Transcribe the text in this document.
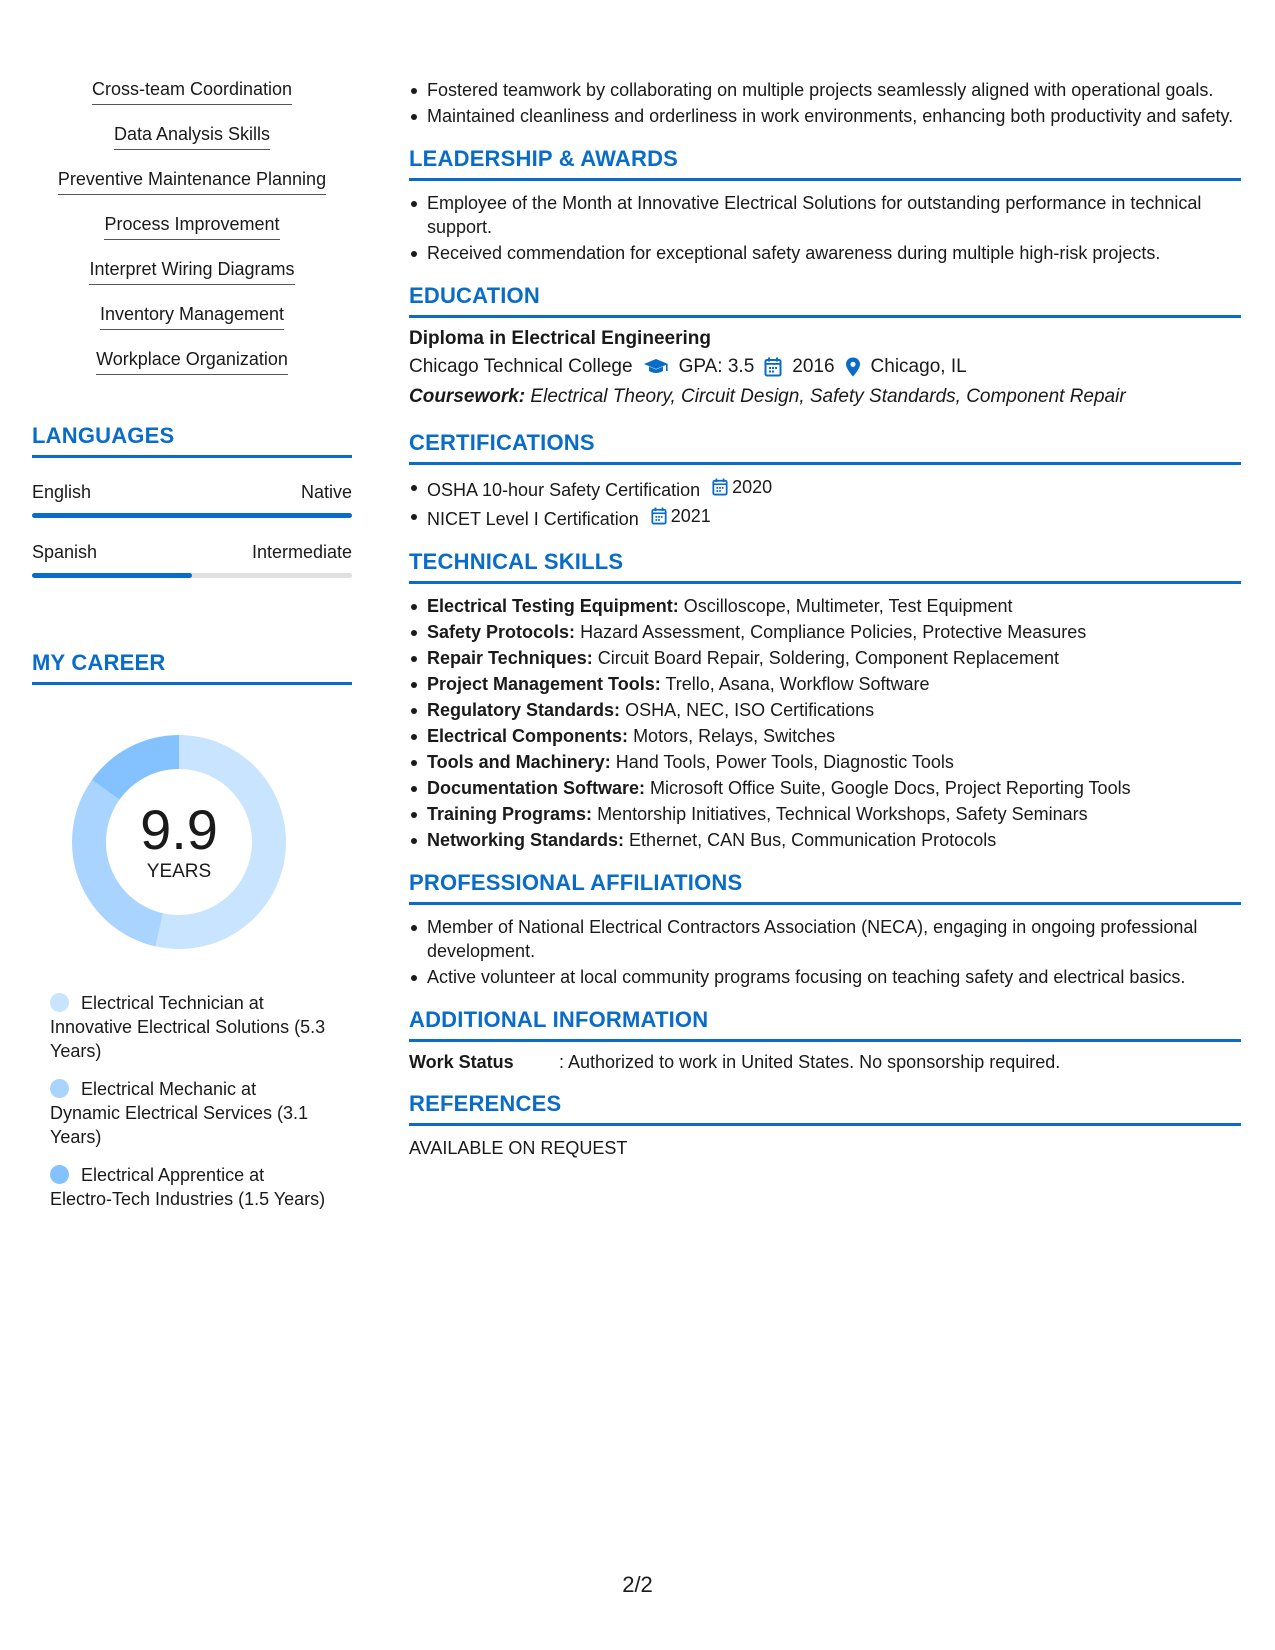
Cross-team Coordination
Data Analysis Skills
Preventive Maintenance Planning
Process Improvement
Interpret Wiring Diagrams
Inventory Management
Workplace Organization
LANGUAGES
English	Native
Spanish	Intermediate
MY CAREER
9.9
YEARS
Electrical Technician at Innovative Electrical Solutions (5.3 Years)
Electrical Mechanic at Dynamic Electrical Services (3.1 Years)
Electrical Apprentice at Electro-Tech Industries (1.5 Years)
Fostered teamwork by collaborating on multiple projects seamlessly aligned with operational goals.
Maintained cleanliness and orderliness in work environments, enhancing both productivity and safety.
LEADERSHIP & AWARDS
Employee of the Month at Innovative Electrical Solutions for outstanding performance in technical support.
Received commendation for exceptional safety awareness during multiple high-risk projects.
EDUCATION
Diploma in Electrical Engineering
Chicago Technical College GPA: 3.5 2016 Chicago, IL
Coursework: Electrical Theory, Circuit Design, Safety Standards, Component Repair
CERTIFICATIONS
OSHA 10-hour Safety Certification 2020
NICET Level I Certification 2021
TECHNICAL SKILLS
Electrical Testing Equipment: Oscilloscope, Multimeter, Test Equipment
Safety Protocols: Hazard Assessment, Compliance Policies, Protective Measures
Repair Techniques: Circuit Board Repair, Soldering, Component Replacement
Project Management Tools: Trello, Asana, Workflow Software
Regulatory Standards: OSHA, NEC, ISO Certifications
Electrical Components: Motors, Relays, Switches
Tools and Machinery: Hand Tools, Power Tools, Diagnostic Tools
Documentation Software: Microsoft Office Suite, Google Docs, Project Reporting Tools
Training Programs: Mentorship Initiatives, Technical Workshops, Safety Seminars
Networking Standards: Ethernet, CAN Bus, Communication Protocols
PROFESSIONAL AFFILIATIONS
Member of National Electrical Contractors Association (NECA), engaging in ongoing professional development.
Active volunteer at local community programs focusing on teaching safety and electrical basics.
ADDITIONAL INFORMATION
Work Status	: Authorized to work in United States. No sponsorship required.
REFERENCES
AVAILABLE ON REQUEST
2/2
